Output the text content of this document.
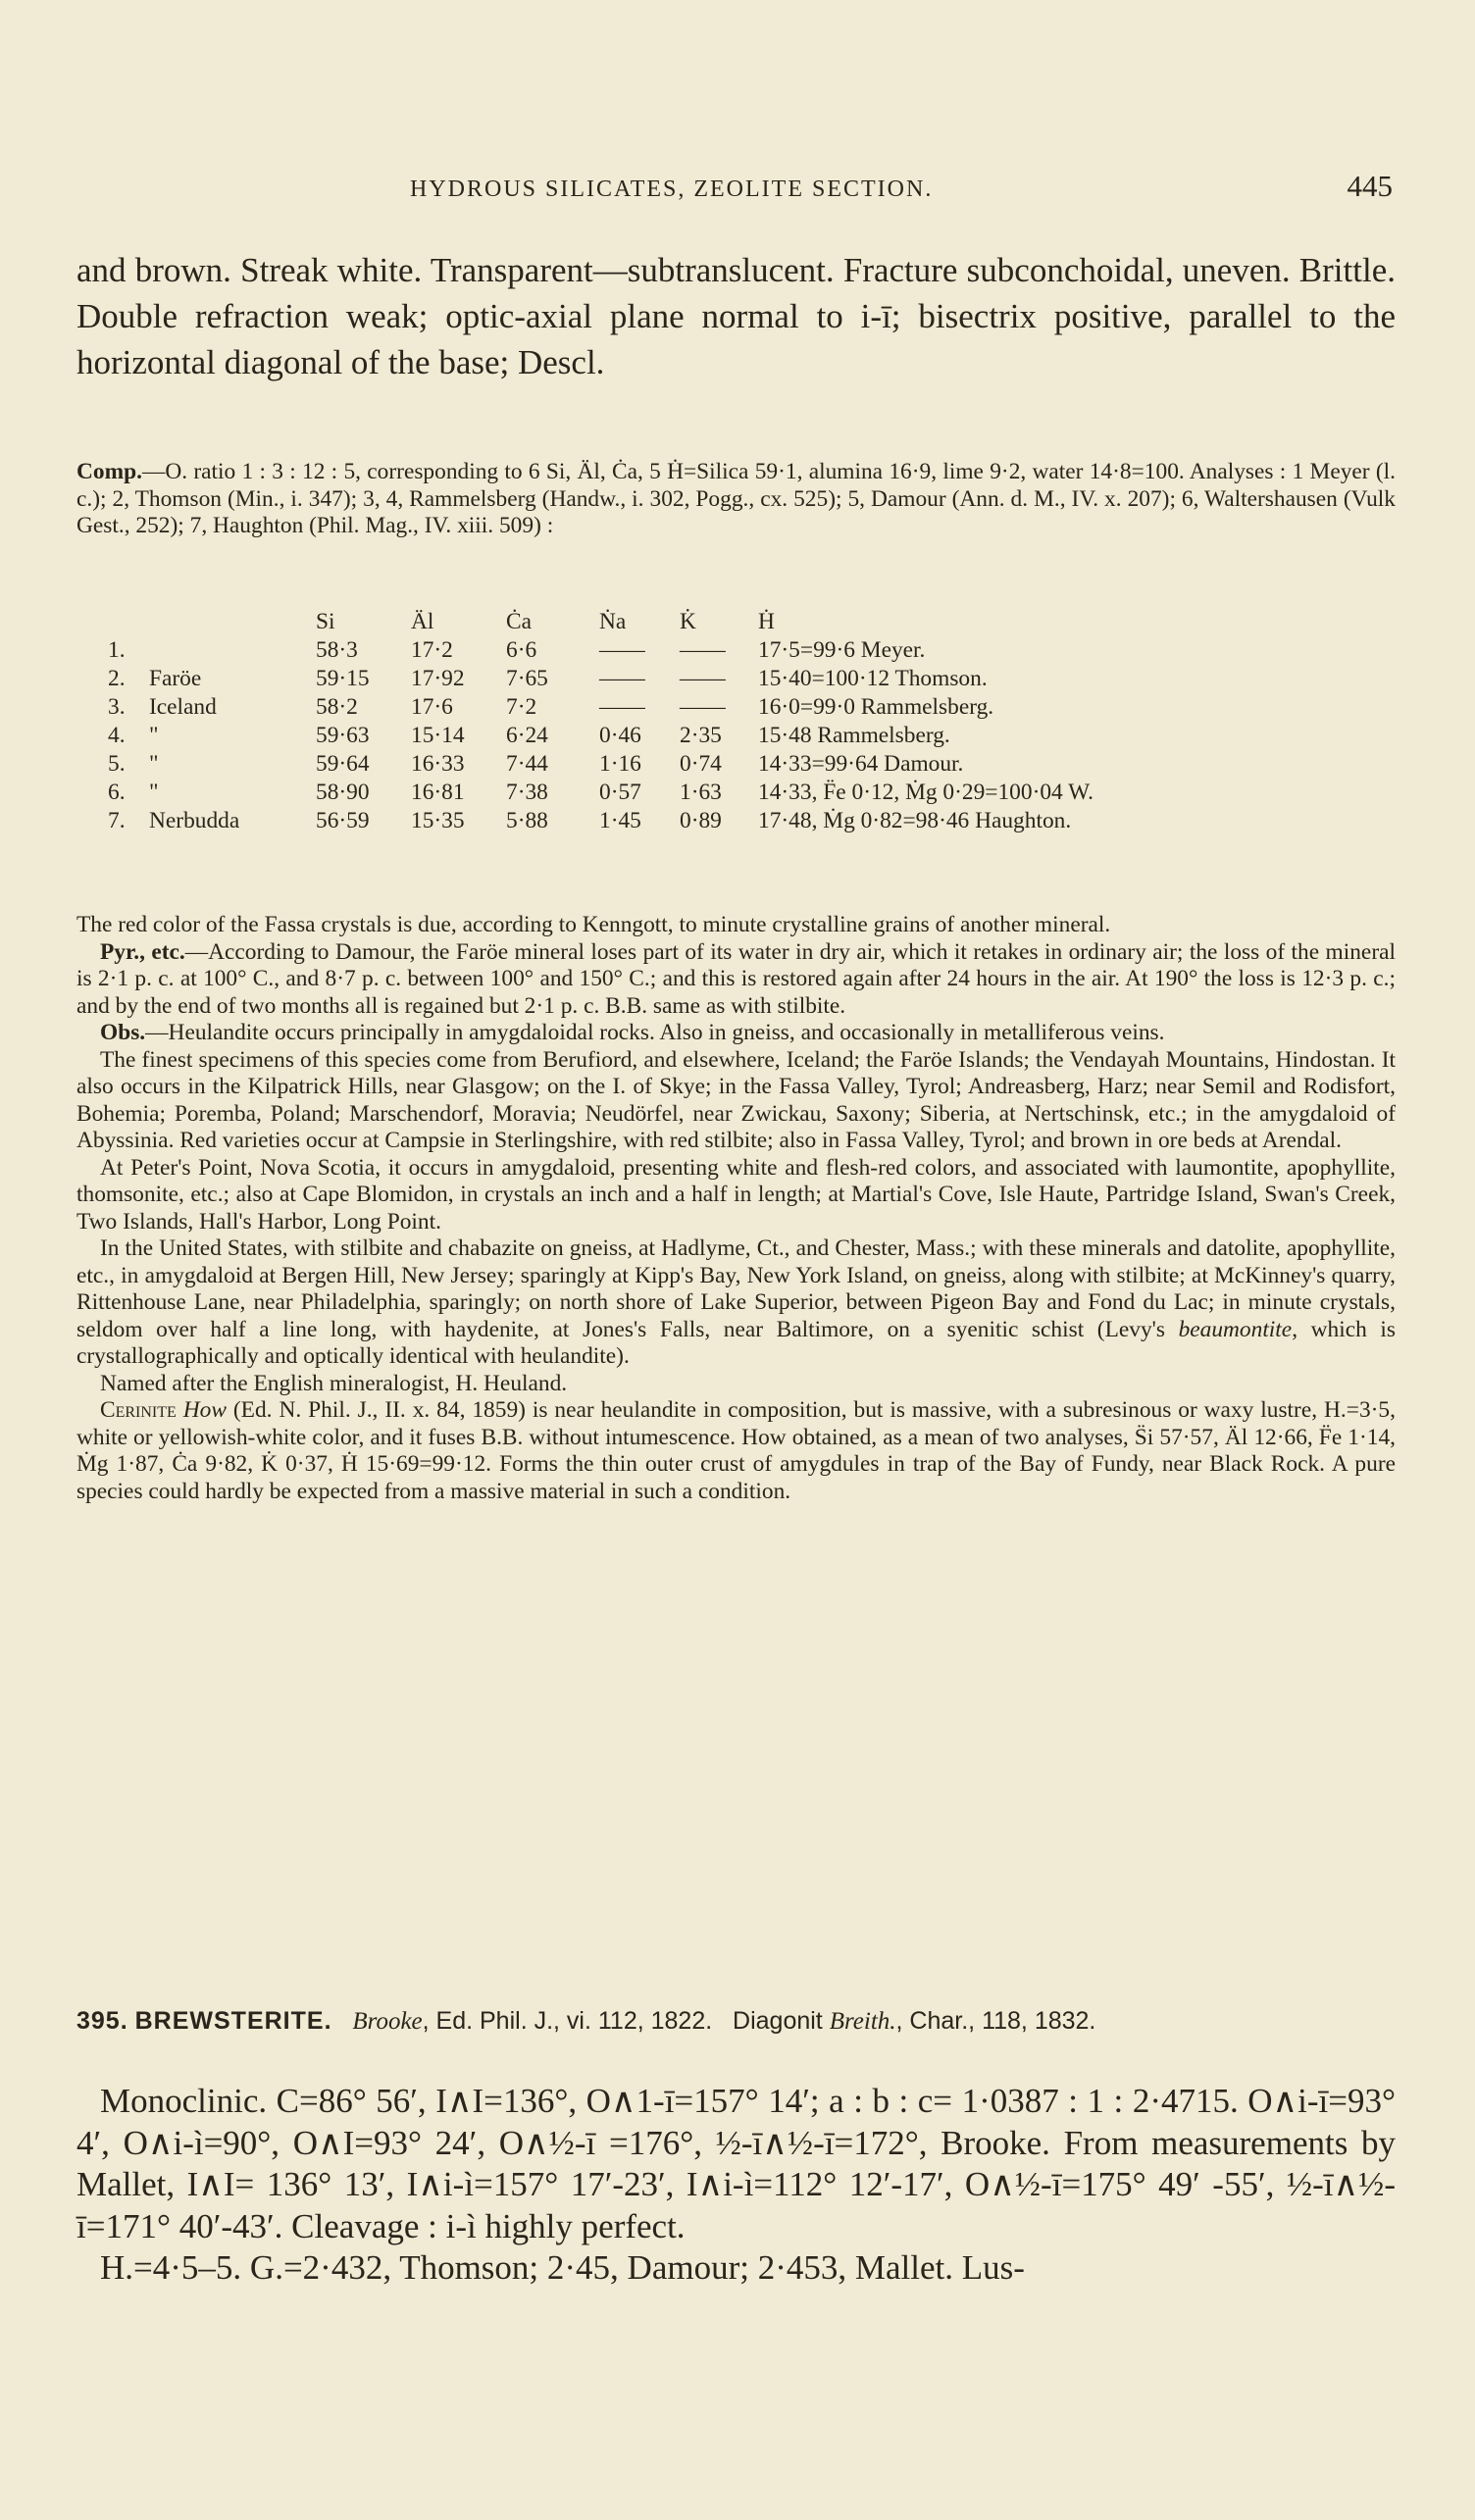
HYDROUS SILICATES, ZEOLITE SECTION.	445
and brown. Streak white. Transparent—subtranslucent. Fracture subconchoidal, uneven. Brittle. Double refraction weak; optic-axial plane normal to i-ī; bisectrix positive, parallel to the horizontal diagonal of the base; Descl.

Comp.—O. ratio 1 : 3 : 12 : 5, corresponding to 6 Si, Äl, Ċa, 5 Ḣ=Silica 59·1, alumina 16·9, lime 9·2, water 14·8=100. Analyses : 1 Meyer (l. c.); 2, Thomson (Min., i. 347); 3, 4, Rammelsberg (Handw., i. 302, Pogg., cx. 525); 5, Damour (Ann. d. M., IV. x. 207); 6, Waltershausen (Vulk Gest., 252); 7, Haughton (Phil. Mag., IV. xiii. 509) :

		Si	Äl	Ċa	Ṅa	K̇	Ḣ
1.		58·3	17·2	6·6	——	——	17·5=99·6 Meyer.
2.	Faröe	59·15	17·92	7·65	——	——	15·40=100·12 Thomson.
3.	Iceland	58·2	17·6	7·2	——	——	16·0=99·0 Rammelsberg.
4.	"	59·63	15·14	6·24	0·46	2·35	15·48 Rammelsberg.
5.	"	59·64	16·33	7·44	1·16	0·74	14·33=99·64 Damour.
6.	"	58·90	16·81	7·38	0·57	1·63	14·33, F̈e 0·12, Ṁg 0·29=100·04 W.
7.	Nerbudda	56·59	15·35	5·88	1·45	0·89	17·48, Ṁg 0·82=98·46 Haughton.

The red color of the Fassa crystals is due, according to Kenngott, to minute crystalline grains of another mineral.

Pyr., etc.—According to Damour, the Faröe mineral loses part of its water in dry air, which it retakes in ordinary air; the loss of the mineral is 2·1 p. c. at 100° C., and 8·7 p. c. between 100° and 150° C.; and this is restored again after 24 hours in the air. At 190° the loss is 12·3 p. c.; and by the end of two months all is regained but 2·1 p. c. B.B. same as with stilbite.

Obs.—Heulandite occurs principally in amygdaloidal rocks. Also in gneiss, and occasionally in metalliferous veins.

The finest specimens of this species come from Berufiord, and elsewhere, Iceland; the Faröe Islands; the Vendayah Mountains, Hindostan. It also occurs in the Kilpatrick Hills, near Glasgow; on the I. of Skye; in the Fassa Valley, Tyrol; Andreasberg, Harz; near Semil and Rodisfort, Bohemia; Poremba, Poland; Marschendorf, Moravia; Neudörfel, near Zwickau, Saxony; Siberia, at Nertschinsk, etc.; in the amygdaloid of Abyssinia. Red varieties occur at Campsie in Sterlingshire, with red stilbite; also in Fassa Valley, Tyrol; and brown in ore beds at Arendal.

At Peter's Point, Nova Scotia, it occurs in amygdaloid, presenting white and flesh-red colors, and associated with laumontite, apophyllite, thomsonite, etc.; also at Cape Blomidon, in crystals an inch and a half in length; at Martial's Cove, Isle Haute, Partridge Island, Swan's Creek, Two Islands, Hall's Harbor, Long Point.

In the United States, with stilbite and chabazite on gneiss, at Hadlyme, Ct., and Chester, Mass.; with these minerals and datolite, apophyllite, etc., in amygdaloid at Bergen Hill, New Jersey; sparingly at Kipp's Bay, New York Island, on gneiss, along with stilbite; at McKinney's quarry, Rittenhouse Lane, near Philadelphia, sparingly; on north shore of Lake Superior, between Pigeon Bay and Fond du Lac; in minute crystals, seldom over half a line long, with haydenite, at Jones's Falls, near Baltimore, on a syenitic schist (Levy's beaumontite, which is crystallographically and optically identical with heulandite).

Named after the English mineralogist, H. Heuland.

Cerinite How (Ed. N. Phil. J., II. x. 84, 1859) is near heulandite in composition, but is massive, with a subresinous or waxy lustre, H.=3·5, white or yellowish-white color, and it fuses B.B. without intumescence. How obtained, as a mean of two analyses, S̈i 57·57, Äl 12·66, F̈e 1·14, Ṁg 1·87, Ċa 9·82, K̇ 0·37, Ḣ 15·69=99·12. Forms the thin outer crust of amygdules in trap of the Bay of Fundy, near Black Rock. A pure species could hardly be expected from a massive material in such a condition.

395. BREWSTERITE. Brooke, Ed. Phil. J., vi. 112, 1822. Diagonit Breith., Char., 118, 1832.

Monoclinic. C=86° 56′, I∧I=136°, O∧1-ī=157° 14′; a : b : c= 1·0387 : 1 : 2·4715. O∧i-ī=93° 4′, O∧i-ì=90°, O∧I=93° 24′, O∧½-ī =176°, ½-ī∧½-ī=172°, Brooke. From measurements by Mallet, I∧I= 136° 13′, I∧i-ì=157° 17′-23′, I∧i-ì=112° 12′-17′, O∧½-ī=175° 49′ -55′, ½-ī∧½-ī=171° 40′-43′. Cleavage : i-ì highly perfect.

H.=4·5–5. G.=2·432, Thomson; 2·45, Damour; 2·453, Mallet. Lus-
